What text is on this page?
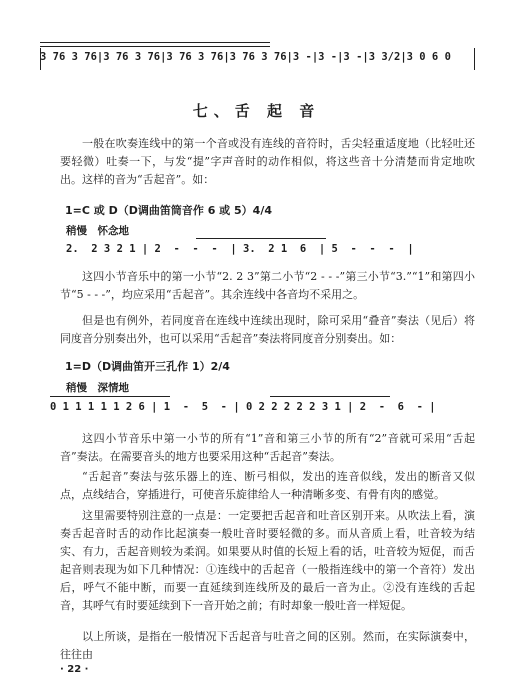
3 76 3 76|3 76 3 76|3 76 3 76|3 76 3 76|3 -|3 -|3 -|3 3/2|3 0 6 0

七、舌 起 音
一般在吹奏连线中的第一个音或没有连线的音符时，舌尖轻重适度地（比轻吐还要轻微）吐奏一下，与发“提”字声音时的动作相似，将这些音十分清楚而肯定地吹出。这样的音为“舌起音”。如：
1=C 或 D（D调曲笛筒音作 6 或 5）4/4
稍慢　怀念地

2.  2 3 2 1 | 2  -  -  -  | 3.  2 1  6  | 5  -  -  -  |

这四小节音乐中的第一小节“2. 2 3”第二小节“2 - - -”第三小节“3.”“1”和第四小节“5 - - -”，均应采用“舌起音”。其余连线中各音均不采用之。
但是也有例外，若同度音在连线中连续出现时，除可采用“叠音”奏法（见后）将同度音分别奏出外，也可以采用“舌起音”奏法将同度音分别奏出。如：
1=D（D调曲笛开三孔作 1）2/4
稍慢　深情地

0 1 1 1 1 1 2 6 | 1  -  5  - | 0 2 2 2 2 2 3 1 | 2  -  6  - |

这四小节音乐中第一小节的所有“1”音和第三小节的所有“2”音就可采用“舌起音”奏法。在需要音头的地方也要采用这种“舌起音”奏法。
“舌起音”奏法与弦乐器上的连、断弓相似，发出的连音似线，发出的断音又似点，点线结合，穿插进行，可使音乐旋律给人一种清晰多变、有骨有肉的感觉。
这里需要特别注意的一点是：一定要把舌起音和吐音区别开来。从吹法上看，演奏舌起音时舌的动作比起演奏一般吐音时要轻微的多。而从音质上看，吐音较为结实、有力，舌起音则较为柔润。如果要从时值的长短上看的话，吐音较为短促，而舌起音则表现为如下几种情况：①连线中的舌起音（一般指连线中的第一个音符）发出后，呼气不能中断，而要一直延续到连线所及的最后一音为止。②没有连线的舌起音，其呼气有时要延续到下一音开始之前；有时却象一般吐音一样短促。
以上所谈，是指在一般情况下舌起音与吐音之间的区别。然而，在实际演奏中，往往由
· 22 ·
